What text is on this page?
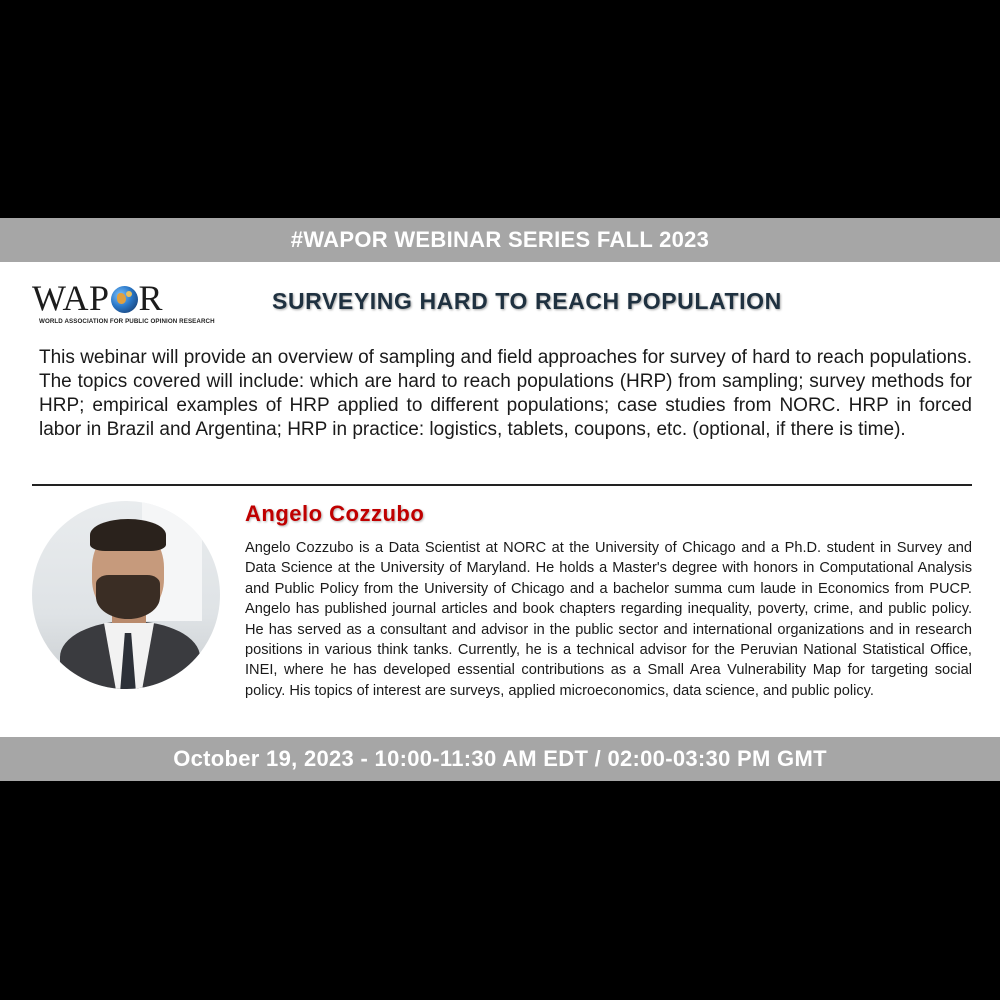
#WAPOR WEBINAR SERIES FALL 2023
WAP R
WORLD ASSOCIATION FOR PUBLIC OPINION RESEARCH
SURVEYING HARD TO REACH POPULATION
This webinar will provide an overview of sampling and field approaches for survey of hard to reach populations. The topics covered will include: which are hard to reach populations (HRP) from sampling; survey methods for HRP; empirical examples of HRP applied to different populations; case studies from NORC. HRP in forced labor in Brazil and Argentina; HRP in practice: logistics, tablets, coupons, etc. (optional, if there is time).
Angelo Cozzubo
Angelo Cozzubo is a Data Scientist at NORC at the University of Chicago and a Ph.D. student in Survey and Data Science at the University of Maryland. He holds a Master's degree with honors in Computational Analysis and Public Policy from the University of Chicago and a bachelor summa cum laude in Economics from PUCP. Angelo has published journal articles and book chapters regarding inequality, poverty, crime, and public policy. He has served as a consultant and advisor in the public sector and international organizations and in research positions in various think tanks. Currently, he is a technical advisor for the Peruvian National Statistical Office, INEI, where he has developed essential contributions as a Small Area Vulnerability Map for targeting social policy. His topics of interest are surveys, applied microeconomics, data science, and public policy.
October 19, 2023 - 10:00-11:30 AM EDT / 02:00-03:30 PM GMT
